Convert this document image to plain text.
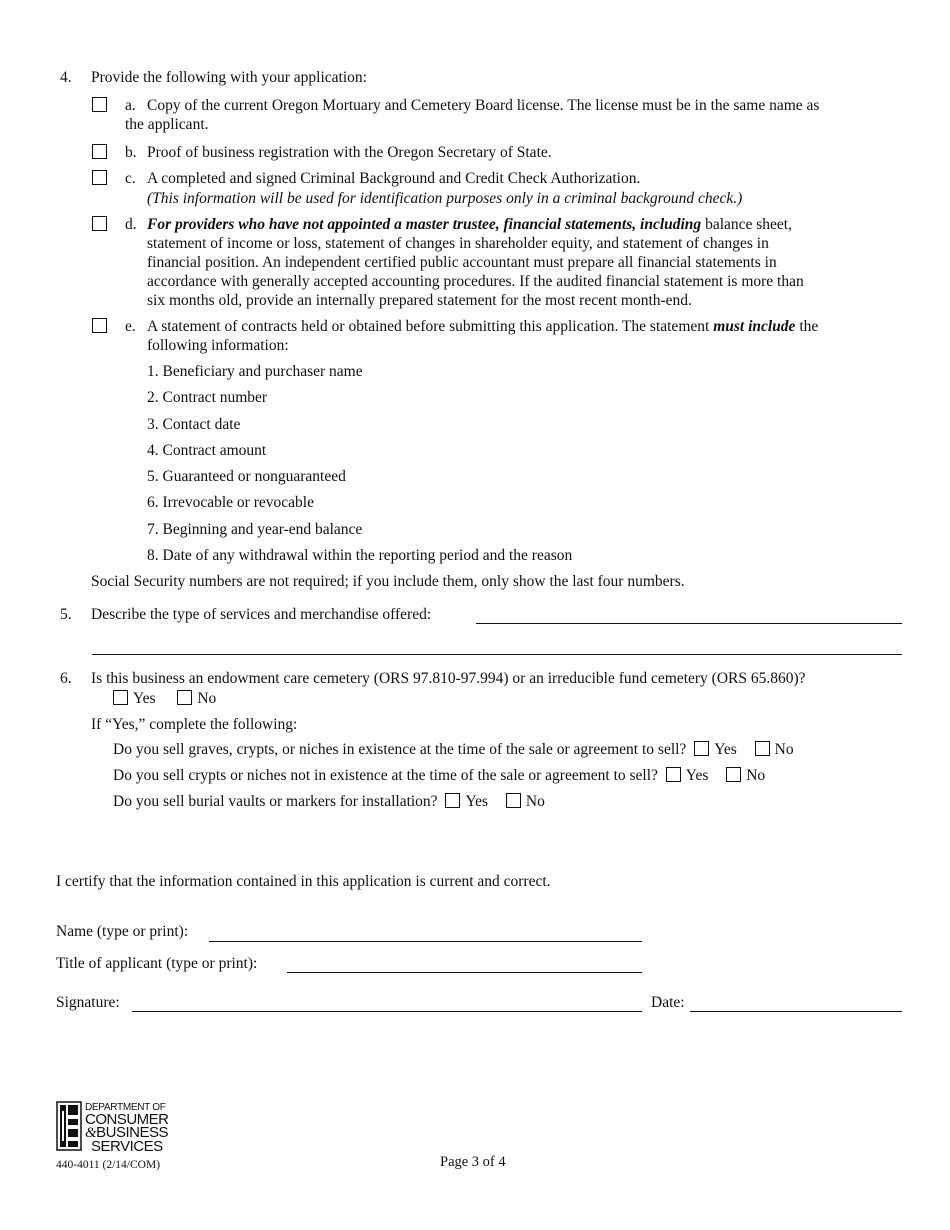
4. Provide the following with your application:
a. Copy of the current Oregon Mortuary and Cemetery Board license. The license must be in the same name as
the applicant.
b. Proof of business registration with the Oregon Secretary of State.
c. A completed and signed Criminal Background and Credit Check Authorization.
(This information will be used for identification purposes only in a criminal background check.)
d. For providers who have not appointed a master trustee, financial statements, including balance sheet,
statement of income or loss, statement of changes in shareholder equity, and statement of changes in
financial position. An independent certified public accountant must prepare all financial statements in
accordance with generally accepted accounting procedures. If the audited financial statement is more than
six months old, provide an internally prepared statement for the most recent month-end.
e. A statement of contracts held or obtained before submitting this application. The statement must include the
following information:
1. Beneficiary and purchaser name
2. Contract number
3. Contact date
4. Contract amount
5. Guaranteed or nonguaranteed
6. Irrevocable or revocable
7. Beginning and year-end balance
8. Date of any withdrawal within the reporting period and the reason
Social Security numbers are not required; if you include them, only show the last four numbers.
5. Describe the type of services and merchandise offered:
6. Is this business an endowment care cemetery (ORS 97.810-97.994) or an irreducible fund cemetery (ORS 65.860)?
Yes	No
If “Yes,” complete the following:
Do you sell graves, crypts, or niches in existence at the time of the sale or agreement to sell? Yes No
Do you sell crypts or niches not in existence at the time of the sale or agreement to sell? Yes No
Do you sell burial vaults or markers for installation? Yes No
I certify that the information contained in this application is current and correct.
Name (type or print):
Title of applicant (type or print):
Signature:	Date:
DEPARTMENT OF
CONSUMER
&BUSINESS
SERVICES
440-4011 (2/14/COM)	Page 3 of 4
